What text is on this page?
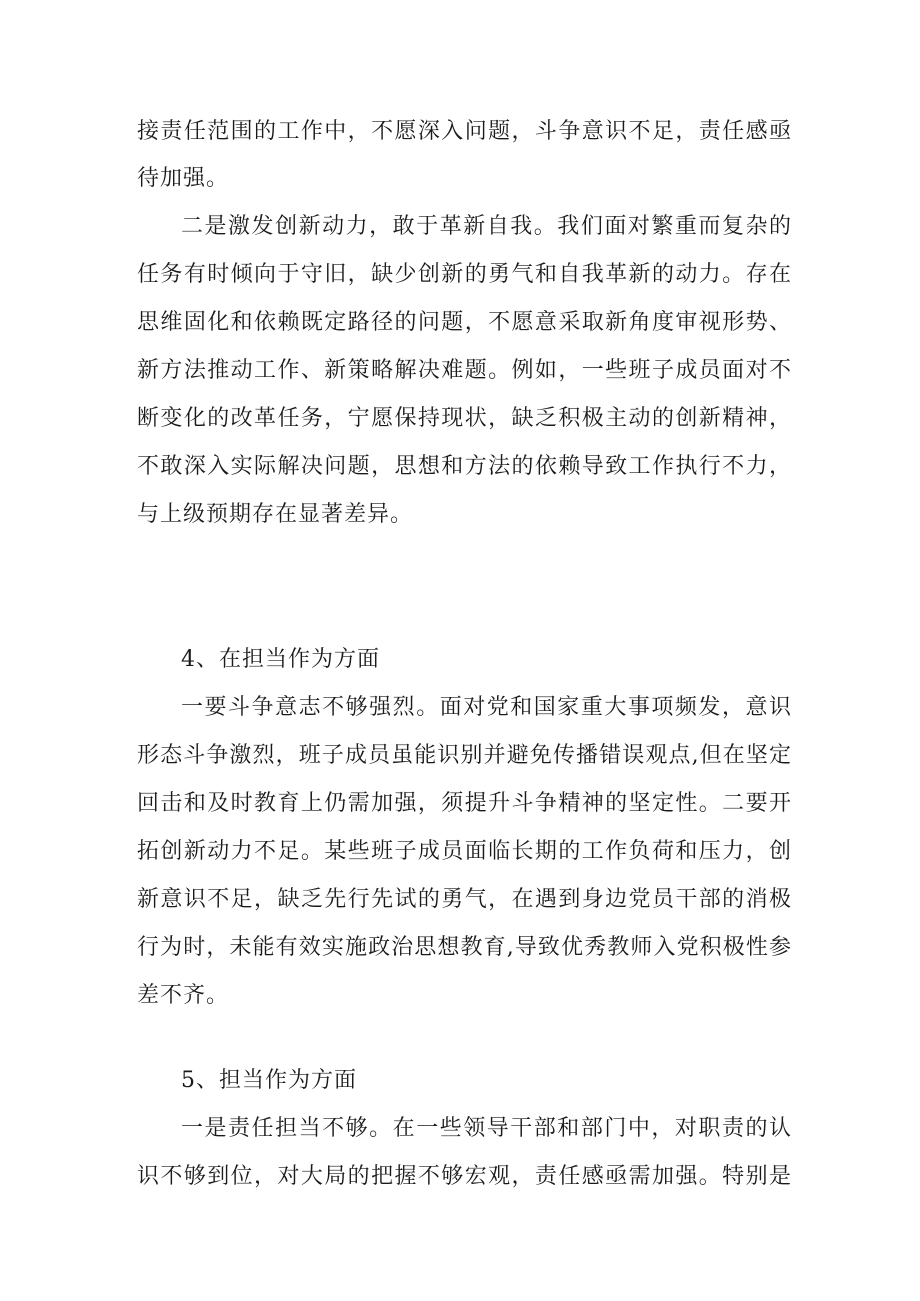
接责任范围的工作中，不愿深入问题，斗争意识不足，责任感亟
待加强。
二是激发创新动力，敢于革新自我。我们面对繁重而复杂的
任务有时倾向于守旧，缺少创新的勇气和自我革新的动力。存在
思维固化和依赖既定路径的问题，不愿意采取新角度审视形势、
新方法推动工作、新策略解决难题。例如，一些班子成员面对不
断变化的改革任务，宁愿保持现状，缺乏积极主动的创新精神，
不敢深入实际解决问题，思想和方法的依赖导致工作执行不力，
与上级预期存在显著差异。
4、在担当作为方面
一要斗争意志不够强烈。面对党和国家重大事项频发，意识
形态斗争激烈，班子成员虽能识别并避免传播错误观点,但在坚定
回击和及时教育上仍需加强，须提升斗争精神的坚定性。二要开
拓创新动力不足。某些班子成员面临长期的工作负荷和压力，创
新意识不足，缺乏先行先试的勇气，在遇到身边党员干部的消极
行为时，未能有效实施政治思想教育,导致优秀教师入党积极性参
差不齐。
5、担当作为方面
一是责任担当不够。在一些领导干部和部门中，对职责的认
识不够到位，对大局的把握不够宏观，责任感亟需加强。特别是
